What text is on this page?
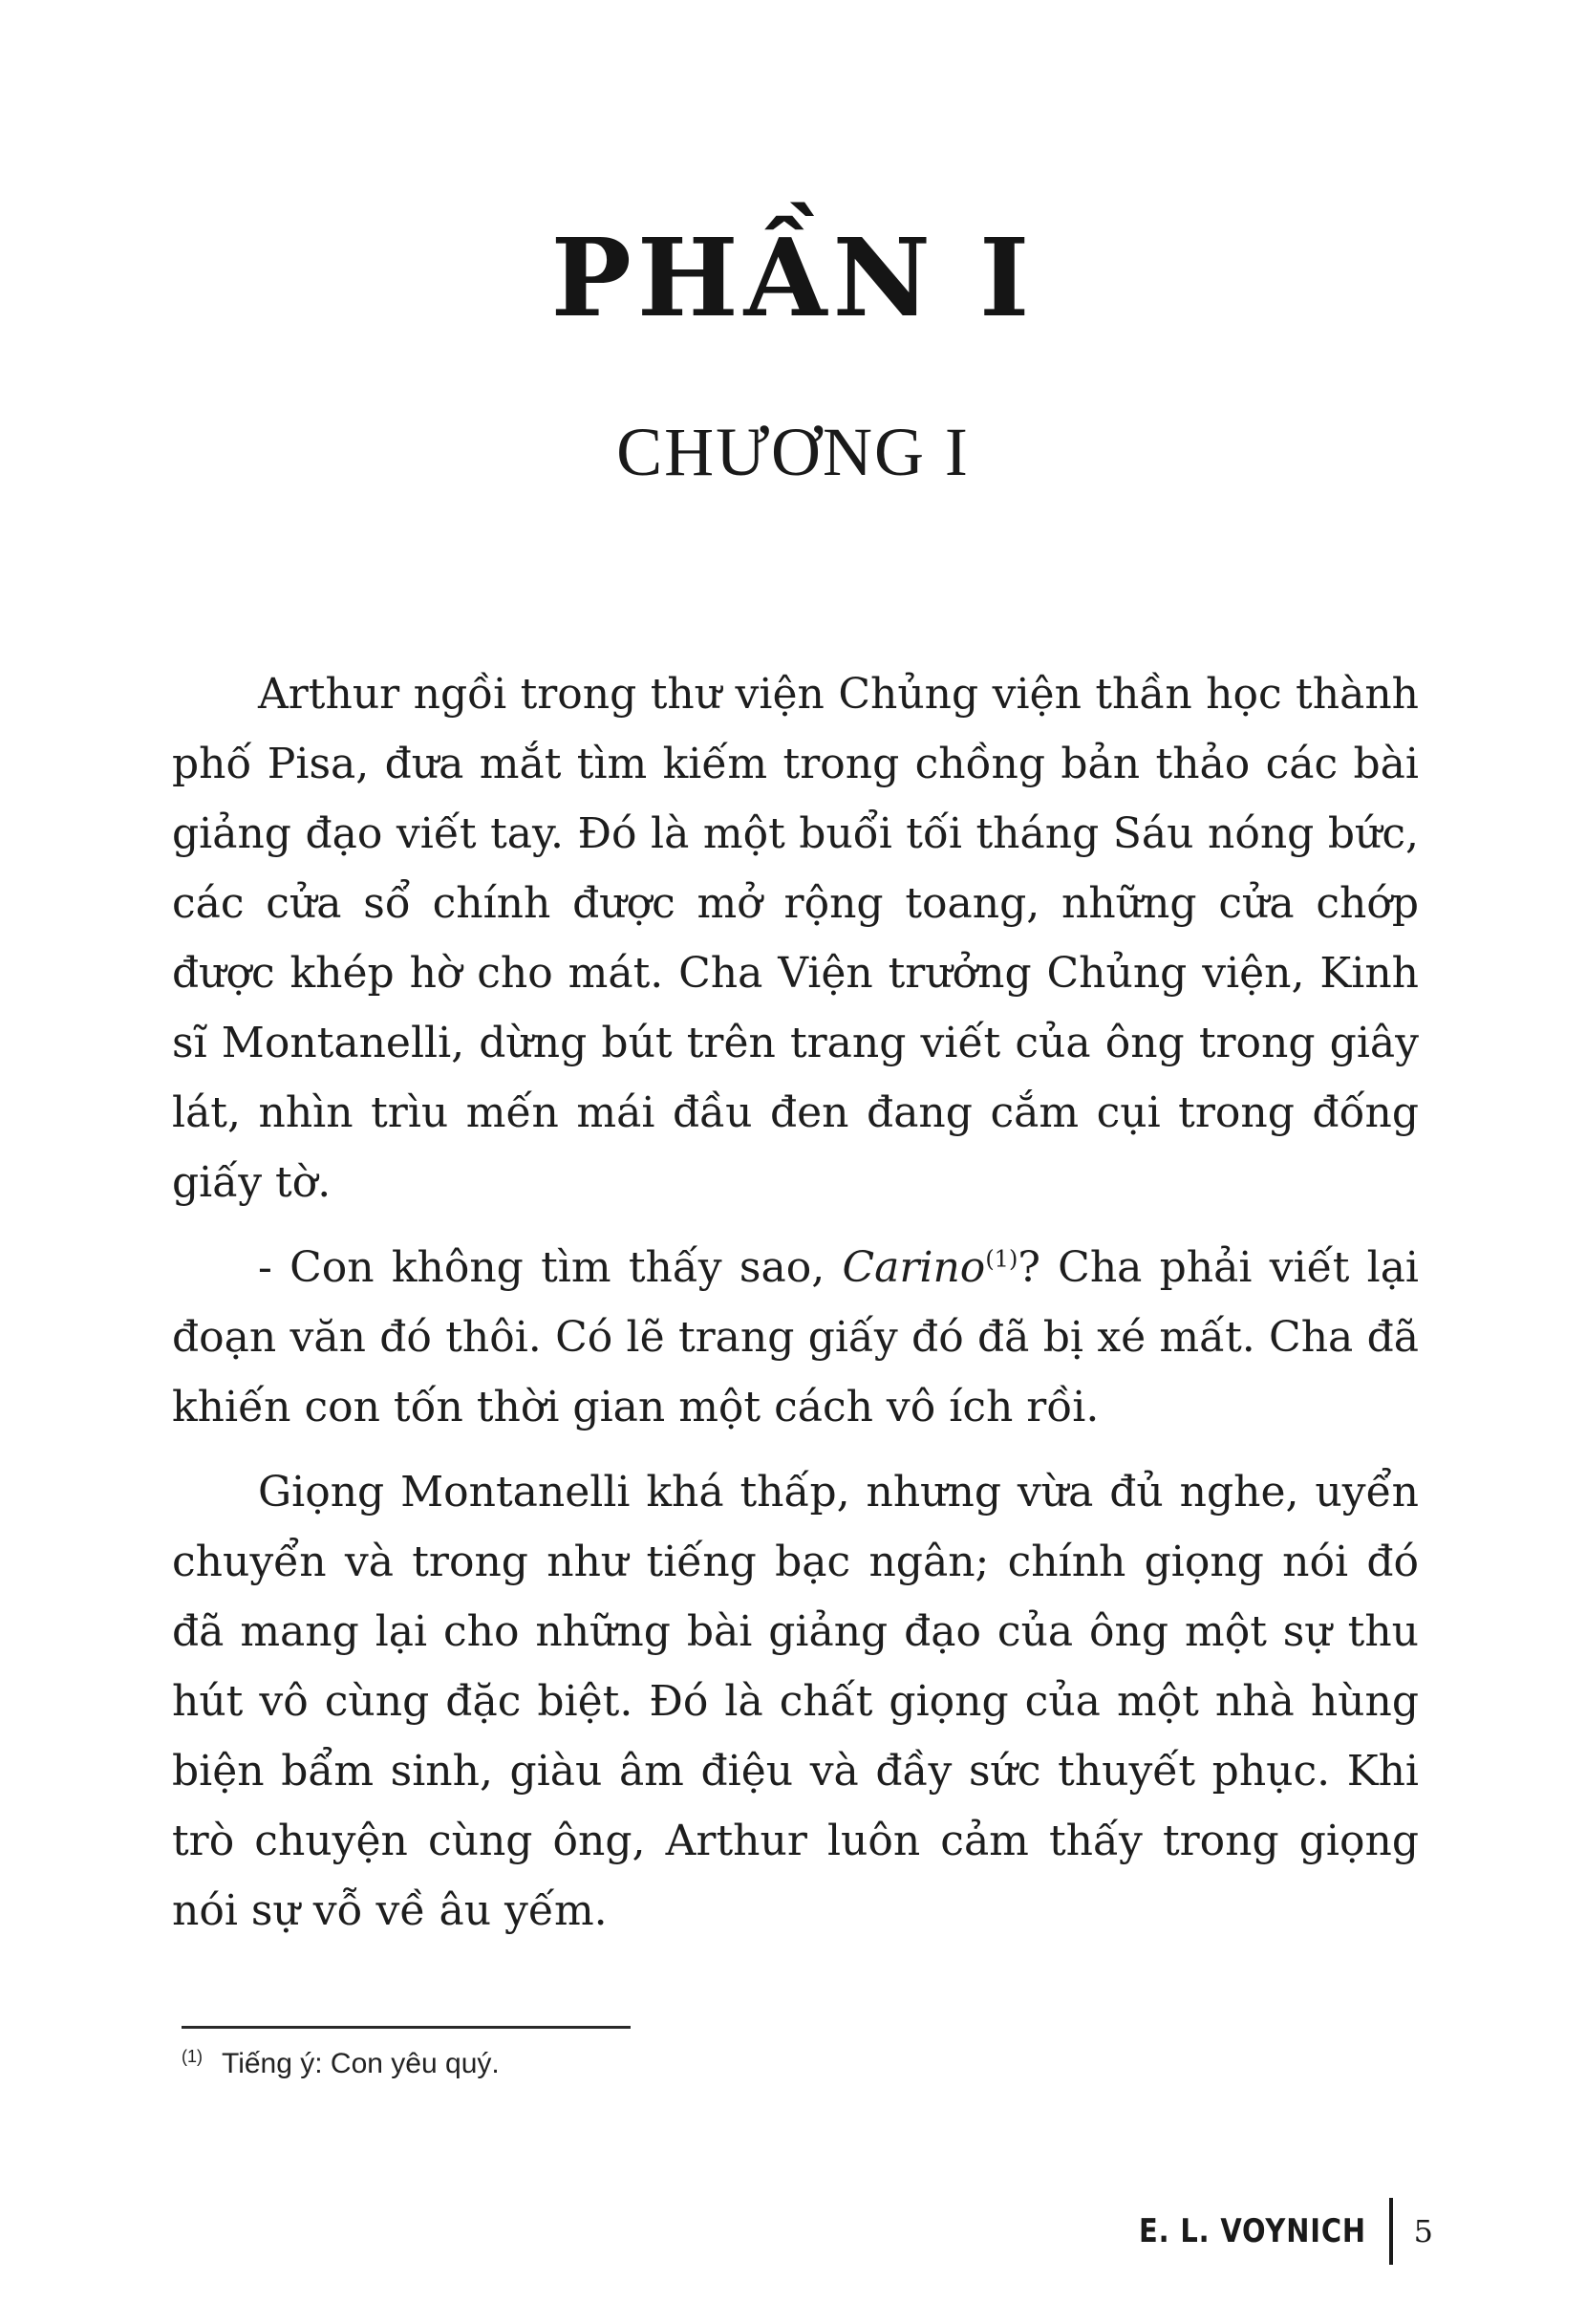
PHẦN I
CHƯƠNG I

Arthur ngồi trong thư viện Chủng viện thần học thành phố Pisa, đưa mắt tìm kiếm trong chồng bản thảo các bài giảng đạo viết tay. Đó là một buổi tối tháng Sáu nóng bức, các cửa sổ chính được mở rộng toang, những cửa chớp được khép hờ cho mát. Cha Viện trưởng Chủng viện, Kinh sĩ Montanelli, dừng bút trên trang viết của ông trong giây lát, nhìn trìu mến mái đầu đen đang cắm cụi trong đống giấy tờ.

- Con không tìm thấy sao, Carino$^{(1)}$? Cha phải viết lại đoạn văn đó thôi. Có lẽ trang giấy đó đã bị xé mất. Cha đã khiến con tốn thời gian một cách vô ích rồi.

Giọng Montanelli khá thấp, nhưng vừa đủ nghe, uyển chuyển và trong như tiếng bạc ngân; chính giọng nói đó đã mang lại cho những bài giảng đạo của ông một sự thu hút vô cùng đặc biệt. Đó là chất giọng của một nhà hùng biện bẩm sinh, giàu âm điệu và đầy sức thuyết phục. Khi trò chuyện cùng ông, Arthur luôn cảm thấy trong giọng nói sự vỗ về âu yếm.

$^{(1)}$ Tiếng ý: Con yêu quý.
E. L. VOYNICH 5
